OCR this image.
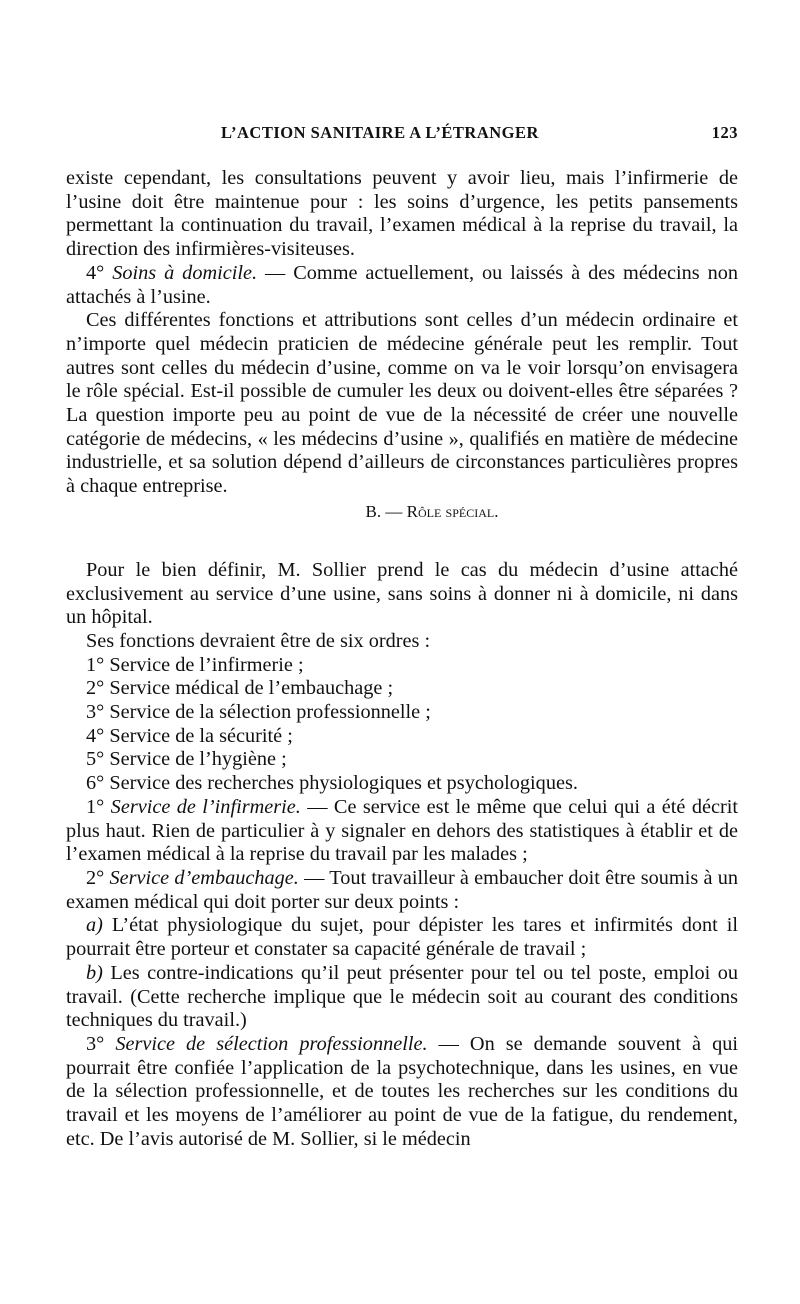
L’ACTION SANITAIRE A L’ÉTRANGER	123

existe cependant, les consultations peuvent y avoir lieu, mais l’infirmerie de l’usine doit être maintenue pour : les soins d’urgence, les petits pansements permettant la continuation du travail, l’examen médical à la reprise du travail, la direction des infirmières-visiteuses.

4° Soins à domicile. — Comme actuellement, ou laissés à des médecins non attachés à l’usine.

Ces différentes fonctions et attributions sont celles d’un médecin ordinaire et n’importe quel médecin praticien de médecine générale peut les remplir. Tout autres sont celles du médecin d’usine, comme on va le voir lorsqu’on envisagera le rôle spécial. Est-il possible de cumuler les deux ou doivent-elles être séparées ? La question importe peu au point de vue de la nécessité de créer une nouvelle catégorie de médecins, « les médecins d’usine », qualifiés en matière de médecine industrielle, et sa solution dépend d’ailleurs de circonstances particulières propres à chaque entreprise.

B. — Rôle spécial.

Pour le bien définir, M. Sollier prend le cas du médecin d’usine attaché exclusivement au service d’une usine, sans soins à donner ni à domicile, ni dans un hôpital.

Ses fonctions devraient être de six ordres :

1° Service de l’infirmerie ;

2° Service médical de l’embauchage ;

3° Service de la sélection professionnelle ;

4° Service de la sécurité ;

5° Service de l’hygiène ;

6° Service des recherches physiologiques et psychologiques.

1° Service de l’infirmerie. — Ce service est le même que celui qui a été décrit plus haut. Rien de particulier à y signaler en dehors des statistiques à établir et de l’examen médical à la reprise du travail par les malades ;

2° Service d’embauchage. — Tout travailleur à embaucher doit être soumis à un examen médical qui doit porter sur deux points :

a) L’état physiologique du sujet, pour dépister les tares et infirmités dont il pourrait être porteur et constater sa capacité générale de travail ;

b) Les contre-indications qu’il peut présenter pour tel ou tel poste, emploi ou travail. (Cette recherche implique que le médecin soit au courant des conditions techniques du travail.)

3° Service de sélection professionnelle. — On se demande souvent à qui pourrait être confiée l’application de la psychotechnique, dans les usines, en vue de la sélection professionnelle, et de toutes les recherches sur les conditions du travail et les moyens de l’améliorer au point de vue de la fatigue, du rendement, etc. De l’avis autorisé de M. Sollier, si le médecin
